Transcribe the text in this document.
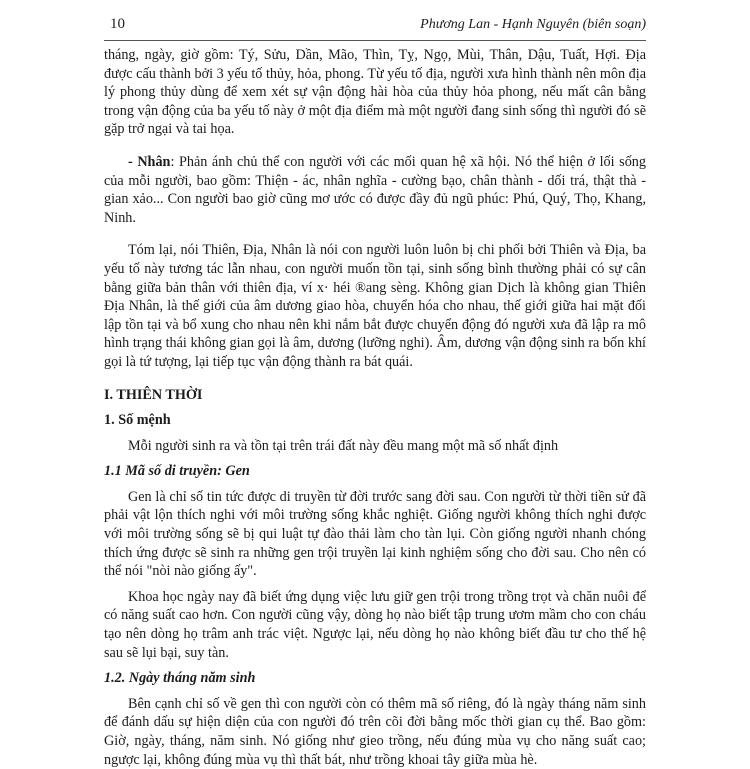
10	Phương Lan - Hạnh Nguyên (biên soạn)

tháng, ngày, giờ gồm: Tý, Sửu, Dần, Mão, Thìn, Tỵ, Ngọ, Mùi, Thân, Dậu, Tuất, Hợi. Địa được cấu thành bởi 3 yếu tố thủy, hỏa, phong. Từ yếu tố địa, người xưa hình thành nên môn địa lý phong thủy dùng để xem xét sự vận động hài hòa của thủy hỏa phong, nếu mất cân bằng trong vận động của ba yếu tố này ở một địa điểm mà một người đang sinh sống thì người đó sẽ gặp trở ngại và tai họa.

- Nhân: Phản ánh chủ thể con người với các mối quan hệ xã hội. Nó thể hiện ở lối sống của mỗi người, bao gồm: Thiện - ác, nhân nghĩa - cường bạo, chân thành - dối trá, thật thà - gian xảo... Con người bao giờ cũng mơ ước có được đầy đủ ngũ phúc: Phú, Quý, Thọ, Khang, Ninh.

Tóm lại, nói Thiên, Địa, Nhân là nói con người luôn luôn bị chi phối bởi Thiên và Địa, ba yếu tố này tương tác lẫn nhau, con người muốn tồn tại, sinh sống bình thường phải có sự cân bằng giữa bản thân với thiên địa, ví x· héi ®ang sèng. Không gian Dịch là không gian Thiên Địa Nhân, là thế giới của âm dương giao hòa, chuyển hóa cho nhau, thế giới giữa hai mặt đối lập tồn tại và bổ xung cho nhau nên khi nắm bắt được chuyển động đó người xưa đã lập ra mô hình trạng thái không gian gọi là âm, dương (lưỡng nghi). Âm, dương vận động sinh ra bốn khí gọi là tứ tượng, lại tiếp tục vận động thành ra bát quái.

I. THIÊN THỜI
1. Số mệnh

Mỗi người sinh ra và tồn tại trên trái đất này đều mang một mã số nhất định

1.1 Mã số di truyền: Gen

Gen là chỉ số tin tức được di truyền từ đời trước sang đời sau. Con người từ thời tiền sử đã phải vật lộn thích nghi với môi trường sống khắc nghiệt. Giống người không thích nghi được với môi trường sống sẽ bị qui luật tự đào thải làm cho tàn lụi. Còn giống người nhanh chóng thích ứng được sẽ sinh ra những gen trội truyền lại kinh nghiệm sống cho đời sau. Cho nên có thể nói "nòi nào giống ấy".

Khoa học ngày nay đã biết ứng dụng việc lưu giữ gen trội trong trồng trọt và chăn nuôi để có năng suất cao hơn. Con người cũng vậy, dòng họ nào biết tập trung ươm mầm cho con cháu tạo nên dòng họ trâm anh trác việt. Ngược lại, nếu dòng họ nào không biết đầu tư cho thế hệ sau sẽ lụi bại, suy tàn.

1.2. Ngày tháng năm sinh

Bên cạnh chỉ số về gen thì con người còn có thêm mã số riêng, đó là ngày tháng năm sinh để đánh dấu sự hiện diện của con người đó trên cõi đời bằng mốc thời gian cụ thể. Bao gồm: Giờ, ngày, tháng, năm sinh. Nó giống như gieo trồng, nếu đúng mùa vụ cho năng suất cao; ngược lại, không đúng mùa vụ thì thất bát, như trồng khoai tây giữa mùa hè.
